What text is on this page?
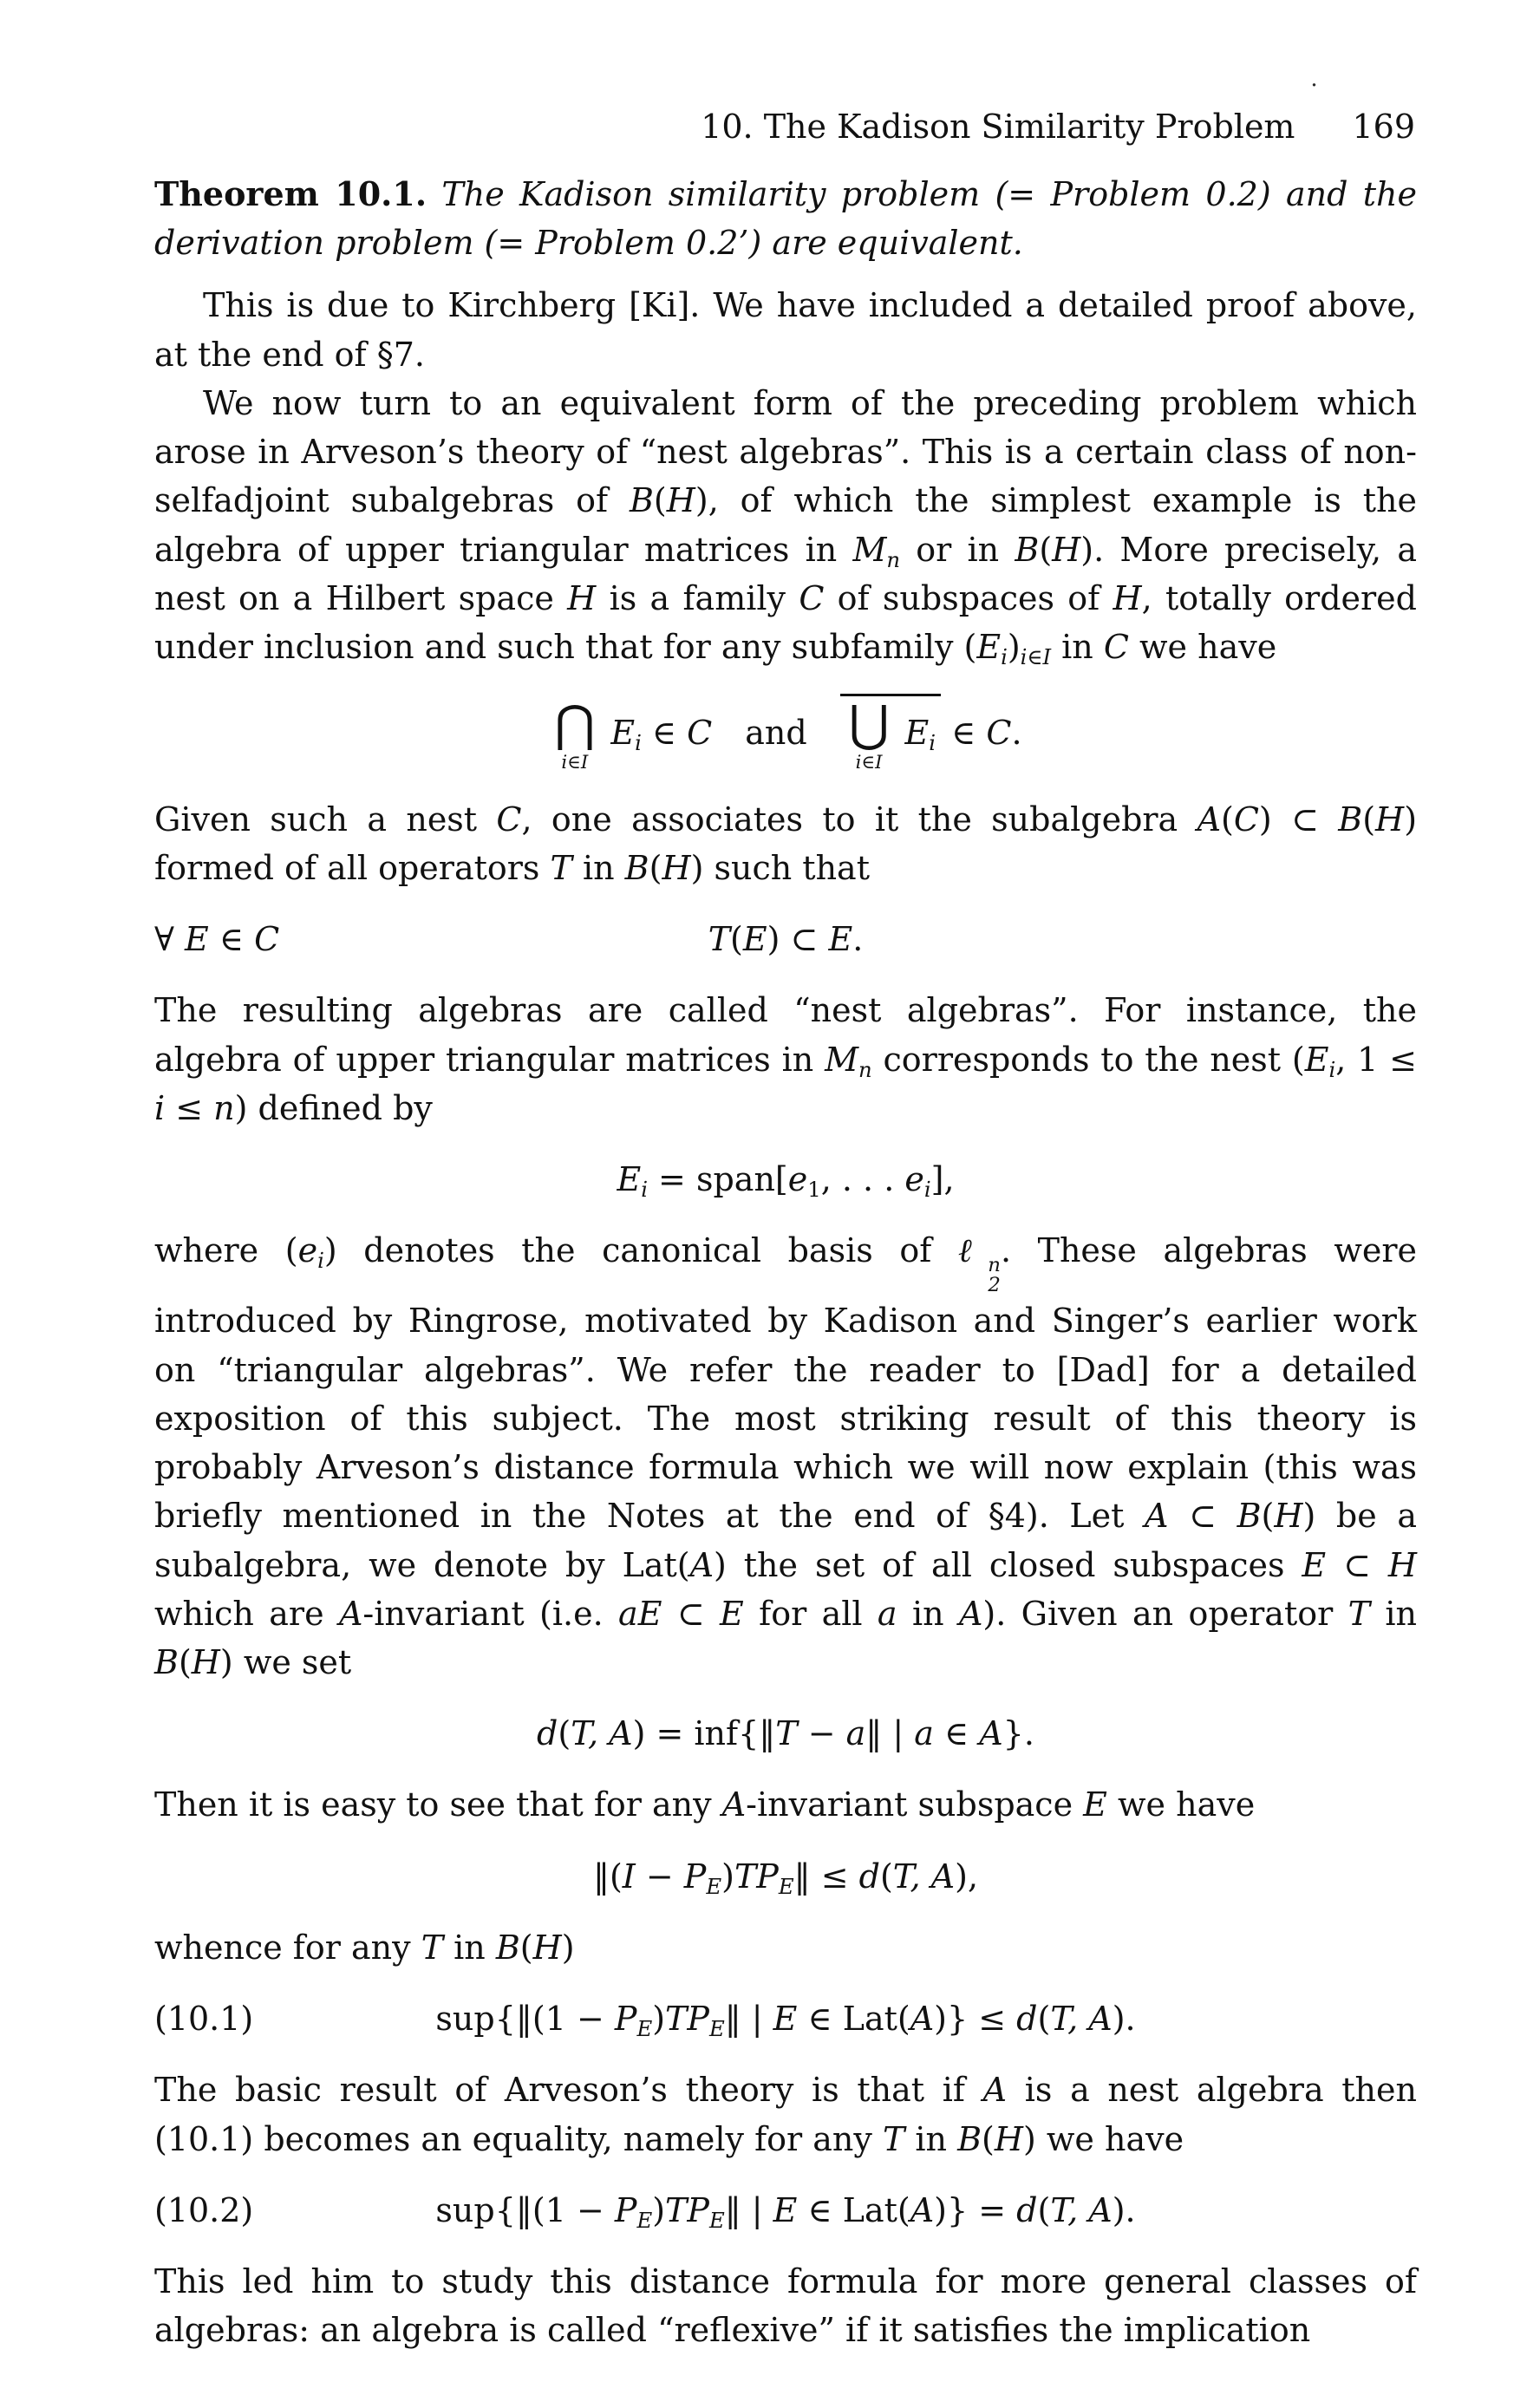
˙
10. The Kadison Similarity Problem 169

Theorem 10.1. The Kadison similarity problem (= Problem 0.2) and the derivation problem (= Problem 0.2’) are equivalent.

This is due to Kirchberg [Ki]. We have included a detailed proof above, at the end of §7.

We now turn to an equivalent form of the preceding problem which arose in Arveson’s theory of “nest algebras”. This is a certain class of non-selfadjoint subalgebras of B(H), of which the simplest example is the algebra of upper triangular matrices in $M_n$ or in B(H). More precisely, a nest on a Hilbert space H is a family C of subspaces of H, totally ordered under inclusion and such that for any subfamily $(E_i)_{i\in I}$ in C we have

⋂
i∈I
$E_i$ ∈ C and  ⋃
i∈I
$E_i$ ∈ C.

Given such a nest C, one associates to it the subalgebra A(C) ⊂ B(H) formed of all operators T in B(H) such that

∀ E ∈ C	T(E) ⊂ E.

The resulting algebras are called “nest algebras”. For instance, the algebra of upper triangular matrices in $M_n$ corresponds to the nest ($E_i$, 1 ≤ i ≤ n) defined by

$E_i$ = $span[e_1$, . . . $e_i$],

where $(e_i)$ denotes the canonical basis of ℓ n
2
. These algebras were introduced by Ringrose, motivated by Kadison and Singer’s earlier work on “triangular algebras”. We refer the reader to [Dad] for a detailed exposition of this subject. The most striking result of this theory is probably Arveson’s distance formula which we will now explain (this was briefly mentioned in the Notes at the end of §4). Let A ⊂ B(H) be a subalgebra, we denote by Lat(A) the set of all closed subspaces E ⊂ H which are A-invariant (i.e. aE ⊂ E for all a in A). Given an operator T in B(H) we set

d(T, A) = inf{‖T − a‖ | a ∈ A}.

Then it is easy to see that for any A-invariant subspace E we have

‖(I − $P_E)TP_E‖ \le d(T$, A),

whence for any T in B(H)

(10.1)	sup{‖(1 − $P_E)TP_E‖$ | E ∈ Lat(A)} ≤ d(T, A).

The basic result of Arveson’s theory is that if A is a nest algebra then (10.1) becomes an equality, namely for any T in B(H) we have

(10.2)	sup{‖(1 − $P_E)TP_E‖$ | E ∈ Lat(A)} = d(T, A).

This led him to study this distance formula for more general classes of algebras: an algebra is called “reflexive” if it satisfies the implication
